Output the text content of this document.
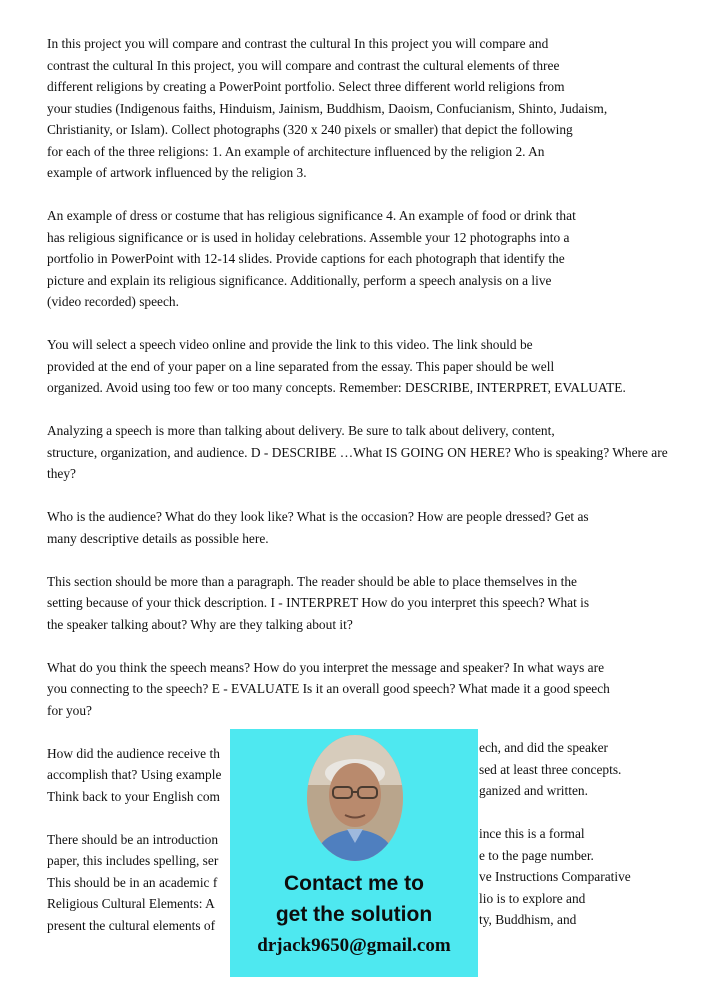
In this project you will compare and contrast the cultural In this project you will compare and
contrast the cultural In this project, you will compare and contrast the cultural elements of three
different religions by creating a PowerPoint portfolio. Select three different world religions from
your studies (Indigenous faiths, Hinduism, Jainism, Buddhism, Daoism, Confucianism, Shinto, Judaism,
Christianity, or Islam). Collect photographs (320 x 240 pixels or smaller) that depict the following
for each of the three religions: 1. An example of architecture influenced by the religion 2. An
example of artwork influenced by the religion 3.
An example of dress or costume that has religious significance 4. An example of food or drink that
has religious significance or is used in holiday celebrations. Assemble your 12 photographs into a
portfolio in PowerPoint with 12-14 slides. Provide captions for each photograph that identify the
picture and explain its religious significance. Additionally, perform a speech analysis on a live
(video recorded) speech.
You will select a speech video online and provide the link to this video. The link should be
provided at the end of your paper on a line separated from the essay. This paper should be well
organized. Avoid using too few or too many concepts. Remember: DESCRIBE, INTERPRET, EVALUATE.
Analyzing a speech is more than talking about delivery. Be sure to talk about delivery, content,
structure, organization, and audience. D - DESCRIBE …What IS GOING ON HERE? Who is speaking? Where are they?
Who is the audience? What do they look like? What is the occasion? How are people dressed? Get as
many descriptive details as possible here.
This section should be more than a paragraph. The reader should be able to place themselves in the
setting because of your thick description. I - INTERPRET How do you interpret this speech? What is
the speaker talking about? Why are they talking about it?
What do you think the speech means? How do you interpret the message and speaker? In what ways are
you connecting to the speech? E - EVALUATE Is it an overall good speech? What made it a good speech
for you?
How did the audience receive th
accomplish that? Using example
Think back to your English com
There should be an introduction
paper, this includes spelling, ser
This should be in an academic f
Religious Cultural Elements: A
present the cultural elements of
ech, and did the speaker
sed at least three concepts.
ganized and written.
ince this is a formal
e to the page number.
ve Instructions Comparative
lio is to explore and
ty, Buddhism, and
Contact me to
get the solution
drjack9650@gmail.com
